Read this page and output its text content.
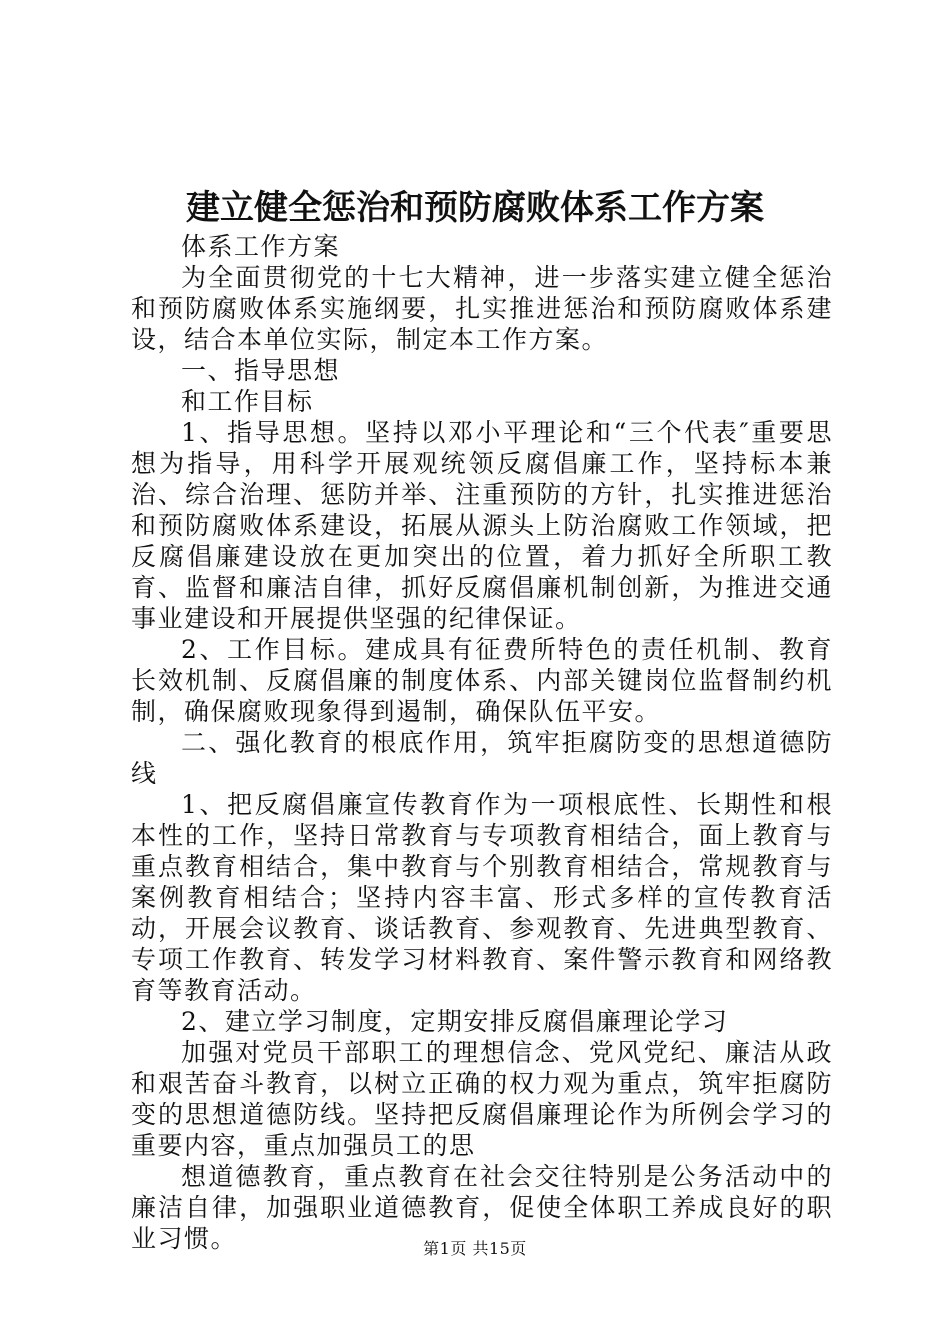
建立健全惩治和预防腐败体系工作方案

体系工作方案

为全面贯彻党的十七大精神，进一步落实建立健全惩治和预防腐败体系实施纲要，扎实推进惩治和预防腐败体系建设，结合本单位实际，制定本工作方案。

一、指导思想

和工作目标

1、指导思想。坚持以邓小平理论和“三个代表″重要思想为指导，用科学开展观统领反腐倡廉工作，坚持标本兼治、综合治理、惩防并举、注重预防的方针，扎实推进惩治和预防腐败体系建设，拓展从源头上防治腐败工作领域，把反腐倡廉建设放在更加突出的位置，着力抓好全所职工教育、监督和廉洁自律，抓好反腐倡廉机制创新，为推进交通事业建设和开展提供坚强的纪律保证。

2、工作目标。建成具有征费所特色的责任机制、教育长效机制、反腐倡廉的制度体系、内部关键岗位监督制约机制，确保腐败现象得到遏制，确保队伍平安。

二、强化教育的根底作用，筑牢拒腐防变的思想道德防线

1、把反腐倡廉宣传教育作为一项根底性、长期性和根本性的工作，坚持日常教育与专项教育相结合，面上教育与重点教育相结合，集中教育与个别教育相结合，常规教育与案例教育相结合；坚持内容丰富、形式多样的宣传教育活动，开展会议教育、谈话教育、参观教育、先进典型教育、专项工作教育、转发学习材料教育、案件警示教育和网络教育等教育活动。

2、建立学习制度，定期安排反腐倡廉理论学习

加强对党员干部职工的理想信念、党风党纪、廉洁从政和艰苦奋斗教育，以树立正确的权力观为重点，筑牢拒腐防变的思想道德防线。坚持把反腐倡廉理论作为所例会学习的重要内容，重点加强员工的思

想道德教育，重点教育在社会交往特别是公务活动中的廉洁自律，加强职业道德教育，促使全体职工养成良好的职业习惯。	第1页 共15页
